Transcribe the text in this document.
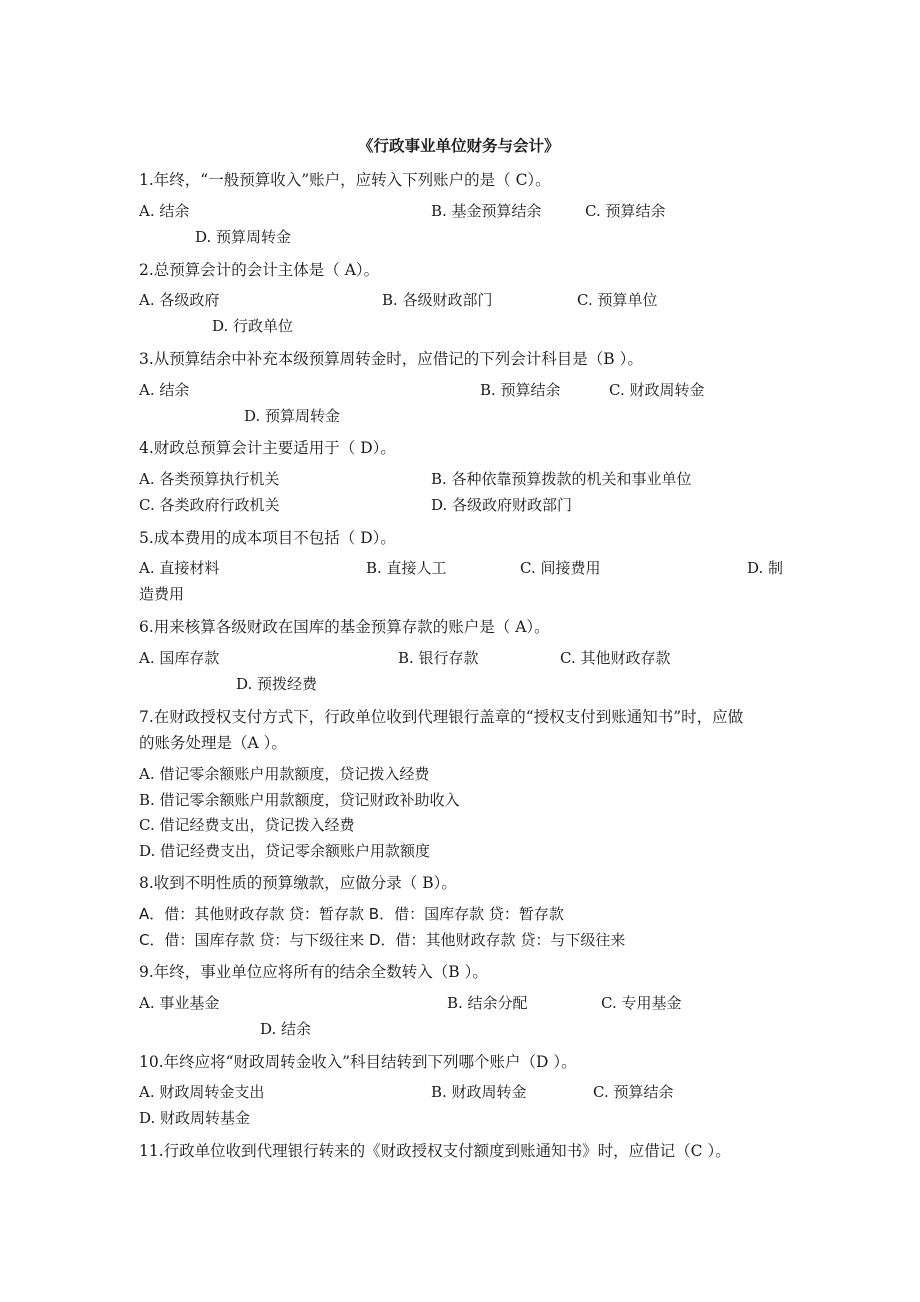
《行政事业单位财务与会计》
1.年终，“一般预算收入”账户，应转入下列账户的是（ C）。
A. 结余	B. 基金预算结余	C. 预算结余
D. 预算周转金
2.总预算会计的会计主体是（ A）。
A. 各级政府	B. 各级财政部门	C. 预算单位
D. 行政单位
3.从预算结余中补充本级预算周转金时，应借记的下列会计科目是（B ）。
A. 结余	B. 预算结余	C. 财政周转金
D. 预算周转金
4.财政总预算会计主要适用于（ D）。
A. 各类预算执行机关	B. 各种依靠预算拨款的机关和事业单位
C. 各类政府行政机关	D. 各级政府财政部门
5.成本费用的成本项目不包括（ D）。
A. 直接材料	B. 直接人工	C. 间接费用	D. 制
造费用
6.用来核算各级财政在国库的基金预算存款的账户是（ A）。
A. 国库存款	B. 银行存款	C. 其他财政存款
D. 预拨经费
7.在财政授权支付方式下，行政单位收到代理银行盖章的“授权支付到账通知书”时，应做
的账务处理是（A ）。
A. 借记零余额账户用款额度，贷记拨入经费
B. 借记零余额账户用款额度，贷记财政补助收入
C. 借记经费支出，贷记拨入经费
D. 借记经费支出，贷记零余额账户用款额度
8.收到不明性质的预算缴款，应做分录（ B）。
A．借：其他财政存款 贷：暂存款 B．借：国库存款 贷：暂存款
C．借：国库存款 贷：与下级往来 D．借：其他财政存款 贷：与下级往来
9.年终，事业单位应将所有的结余全数转入（B ）。
A. 事业基金	B. 结余分配	C. 专用基金
D. 结余
10.年终应将“财政周转金收入”科目结转到下列哪个账户（D ）。
A. 财政周转金支出	B. 财政周转金	C. 预算结余
D. 财政周转基金
11.行政单位收到代理银行转来的《财政授权支付额度到账通知书》时，应借记（C ）。
